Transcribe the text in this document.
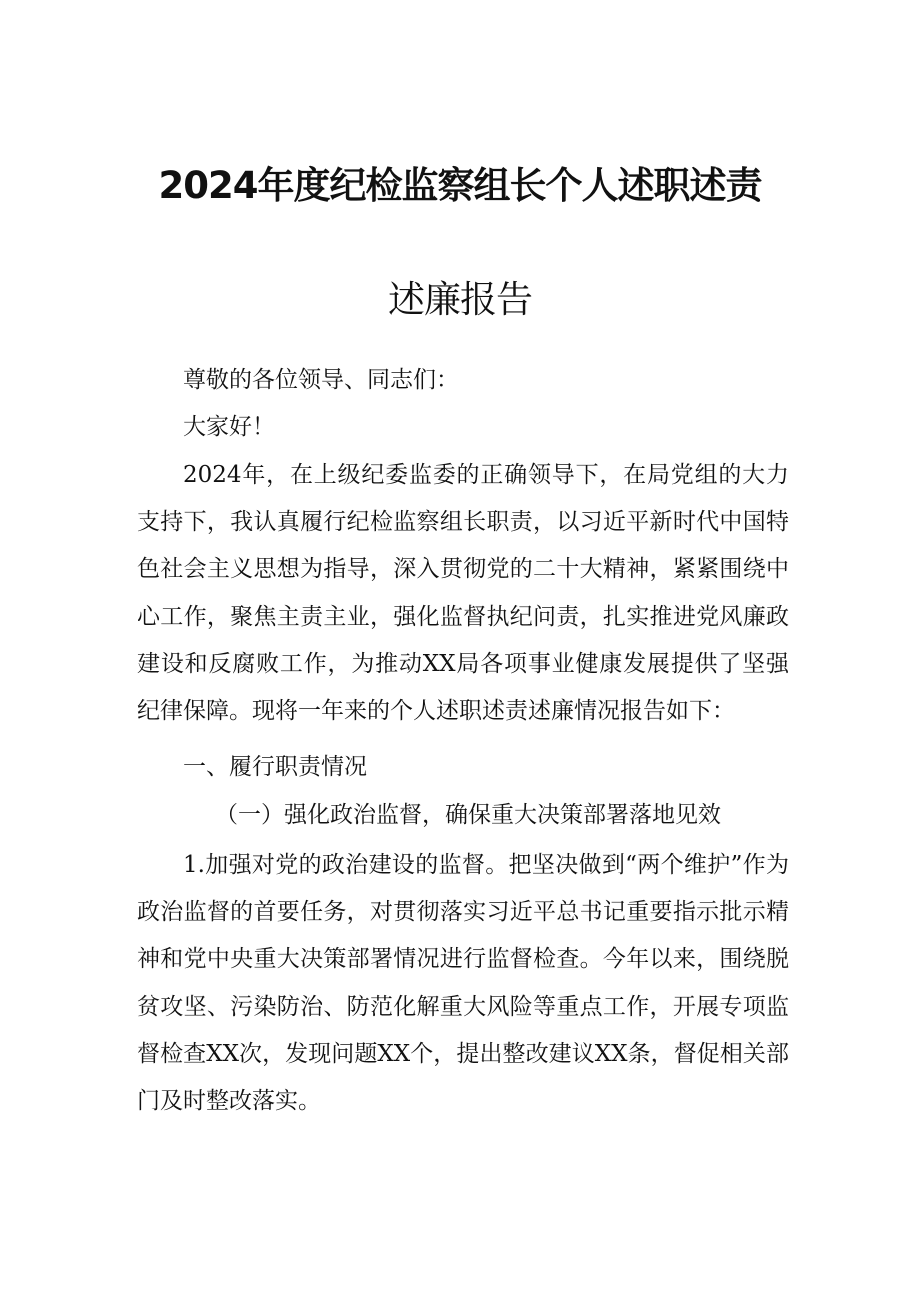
2024年度纪检监察组长个人述职述责
述廉报告

尊敬的各位领导、同志们：

大家好！

2024年，在上级纪委监委的正确领导下，在局党组的大力支持下，我认真履行纪检监察组长职责，以习近平新时代中国特色社会主义思想为指导，深入贯彻党的二十大精神，紧紧围绕中心工作，聚焦主责主业，强化监督执纪问责，扎实推进党风廉政建设和反腐败工作，为推动XX局各项事业健康发展提供了坚强纪律保障。现将一年来的个人述职述责述廉情况报告如下：

一、履行职责情况

（一）强化政治监督，确保重大决策部署落地见效

1.加强对党的政治建设的监督。把坚决做到“两个维护”作为政治监督的首要任务，对贯彻落实习近平总书记重要指示批示精神和党中央重大决策部署情况进行监督检查。今年以来，围绕脱贫攻坚、污染防治、防范化解重大风险等重点工作，开展专项监督检查XX次，发现问题XX个，提出整改建议XX条，督促相关部门及时整改落实。
